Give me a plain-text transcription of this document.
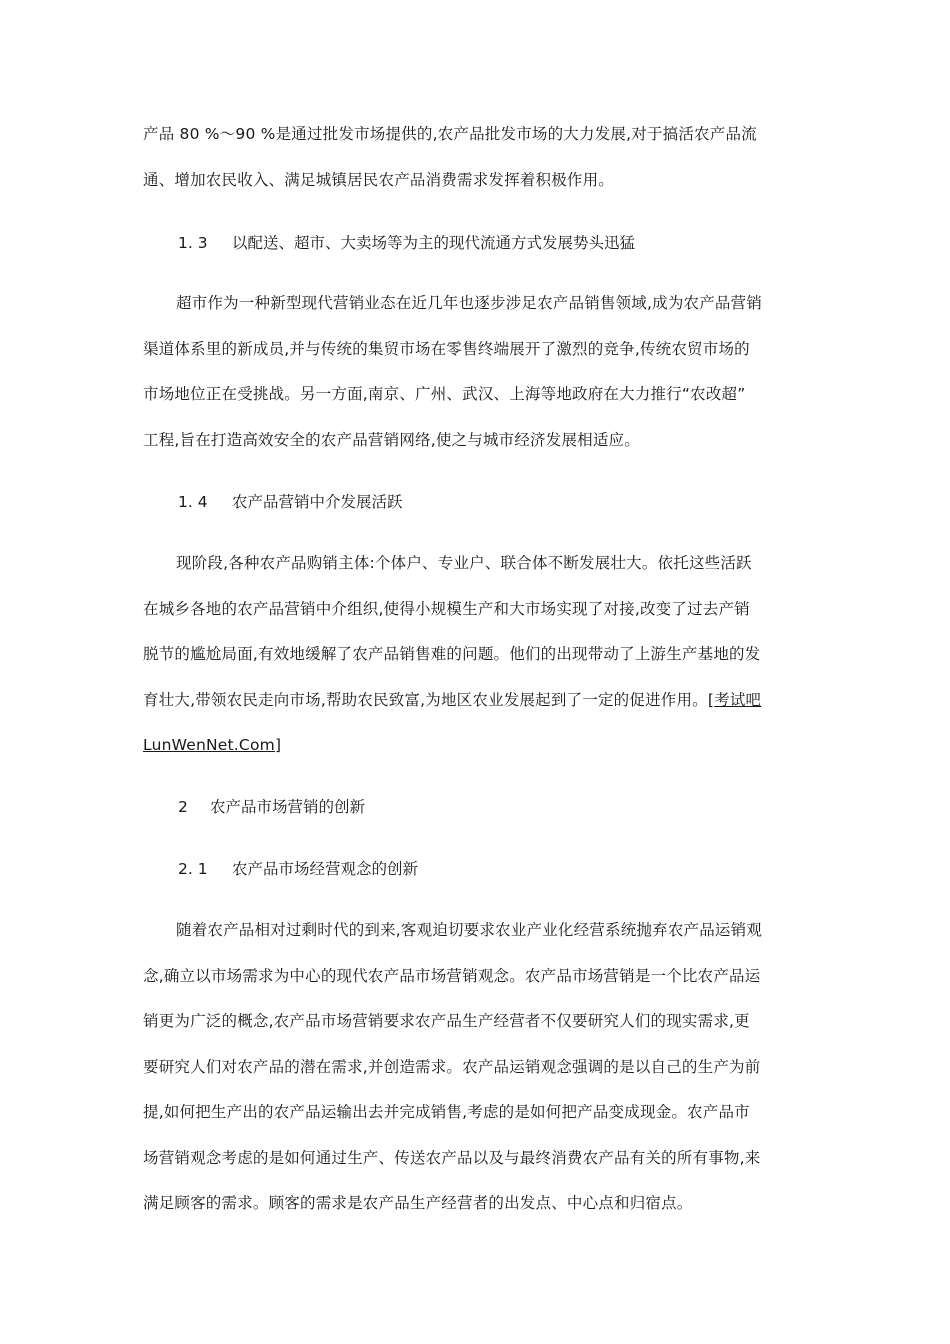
产品 80 %～90 %是通过批发市场提供的,农产品批发市场的大力发展,对于搞活农产品流
通、增加农民收入、满足城镇居民农产品消费需求发挥着积极作用。

1. 3 以配送、超市、大卖场等为主的现代流通方式发展势头迅猛

超市作为一种新型现代营销业态在近几年也逐步涉足农产品销售领域,成为农产品营销
渠道体系里的新成员,并与传统的集贸市场在零售终端展开了激烈的竞争,传统农贸市场的
市场地位正在受挑战。另一方面,南京、广州、武汉、上海等地政府在大力推行“农改超”
工程,旨在打造高效安全的农产品营销网络,使之与城市经济发展相适应。

1. 4 农产品营销中介发展活跃

现阶段,各种农产品购销主体:个体户、专业户、联合体不断发展壮大。依托这些活跃
在城乡各地的农产品营销中介组织,使得小规模生产和大市场实现了对接,改变了过去产销
脱节的尴尬局面,有效地缓解了农产品销售难的问题。他们的出现带动了上游生产基地的发
育壮大,带领农民走向市场,帮助农民致富,为地区农业发展起到了一定的促进作用。[考试吧
LunWenNet.Com]

2 农产品市场营销的创新

2. 1 农产品市场经营观念的创新

随着农产品相对过剩时代的到来,客观迫切要求农业产业化经营系统抛弃农产品运销观
念,确立以市场需求为中心的现代农产品市场营销观念。农产品市场营销是一个比农产品运
销更为广泛的概念,农产品市场营销要求农产品生产经营者不仅要研究人们的现实需求,更
要研究人们对农产品的潜在需求,并创造需求。农产品运销观念强调的是以自己的生产为前
提,如何把生产出的农产品运输出去并完成销售,考虑的是如何把产品变成现金。农产品市
场营销观念考虑的是如何通过生产、传送农产品以及与最终消费农产品有关的所有事物,来
满足顾客的需求。顾客的需求是农产品生产经营者的出发点、中心点和归宿点。
